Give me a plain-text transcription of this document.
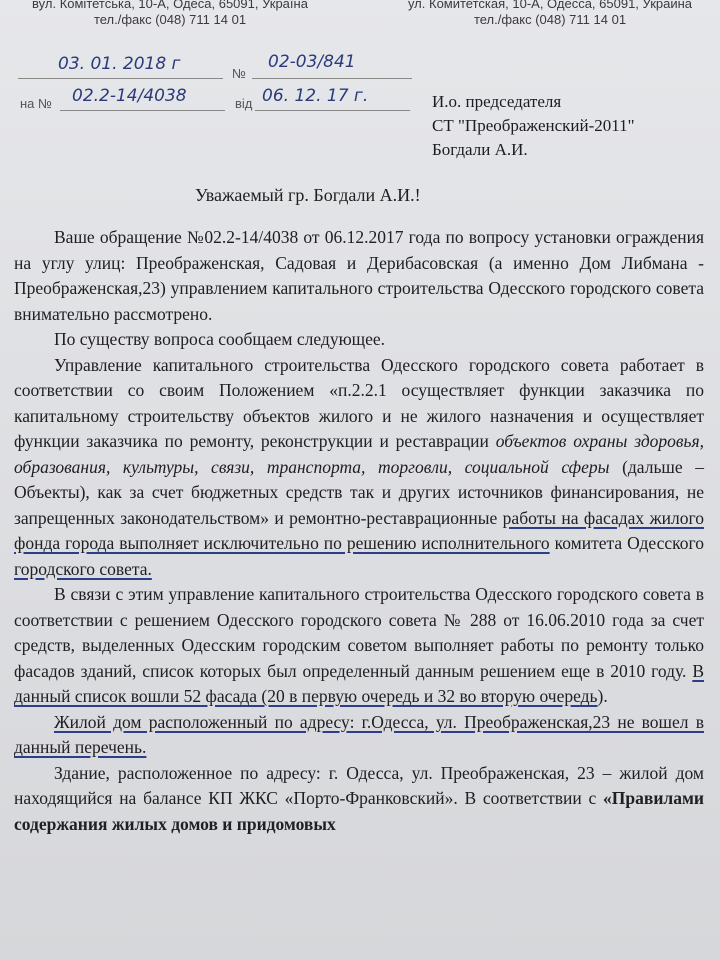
вул. Комітетська, 10-А, Одеса, 65091, Україна
тел./факс (048) 711 14 01
ул. Комитетская, 10-А, Одесса, 65091, Украина
тел./факс (048) 711 14 01
03. 01. 2018 г	№
02-03/841
на № 02.2-14/4038	від 06. 12. 17 г.	И.о. председателя
СТ "Преображенский-2011"
Богдали А.И.
Уважаемый гр. Богдали А.И.!

Ваше обращение №02.2-14/4038 от 06.12.2017 года по вопросу установки ограждения на углу улиц: Преображенская, Садовая и Дерибасовская (а именно Дом Либмана - Преображенская,23) управлением капитального строительства Одесского городского совета внимательно рассмотрено.

По существу вопроса сообщаем следующее.

Управление капитального строительства Одесского городского совета работает в соответствии со своим Положением «п.2.2.1 осуществляет функции заказчика по капитальному строительству объектов жилого и не жилого назначения и осуществляет функции заказчика по ремонту, реконструкции и реставрации объектов охраны здоровья, образования, культуры, связи, транспорта, торговли, социальной сферы (дальше – Объекты), как за счет бюджетных средств так и других источников финансирования, не запрещенных законодательством» и ремонтно-реставрационные работы на фасадах жилого фонда города выполняет исключительно по решению исполнительного комитета Одесского городского совета.

В связи с этим управление капитального строительства Одесского городского совета в соответствии с решением Одесского городского совета № 288 от 16.06.2010 года за счет средств, выделенных Одесским городским советом выполняет работы по ремонту только фасадов зданий, список которых был определенный данным решением еще в 2010 году. В данный список вошли 52 фасада (20 в первую очередь и 32 во вторую очередь).

Жилой дом расположенный по адресу: г.Одесса, ул. Преображенская,23 не вошел в данный перечень.

Здание, расположенное по адресу: г. Одесса, ул. Преображенская, 23 – жилой дом находящийся на балансе КП ЖКС «Порто-Франковский». В соответствии с «Правилами содержания жилых домов и придомовых
